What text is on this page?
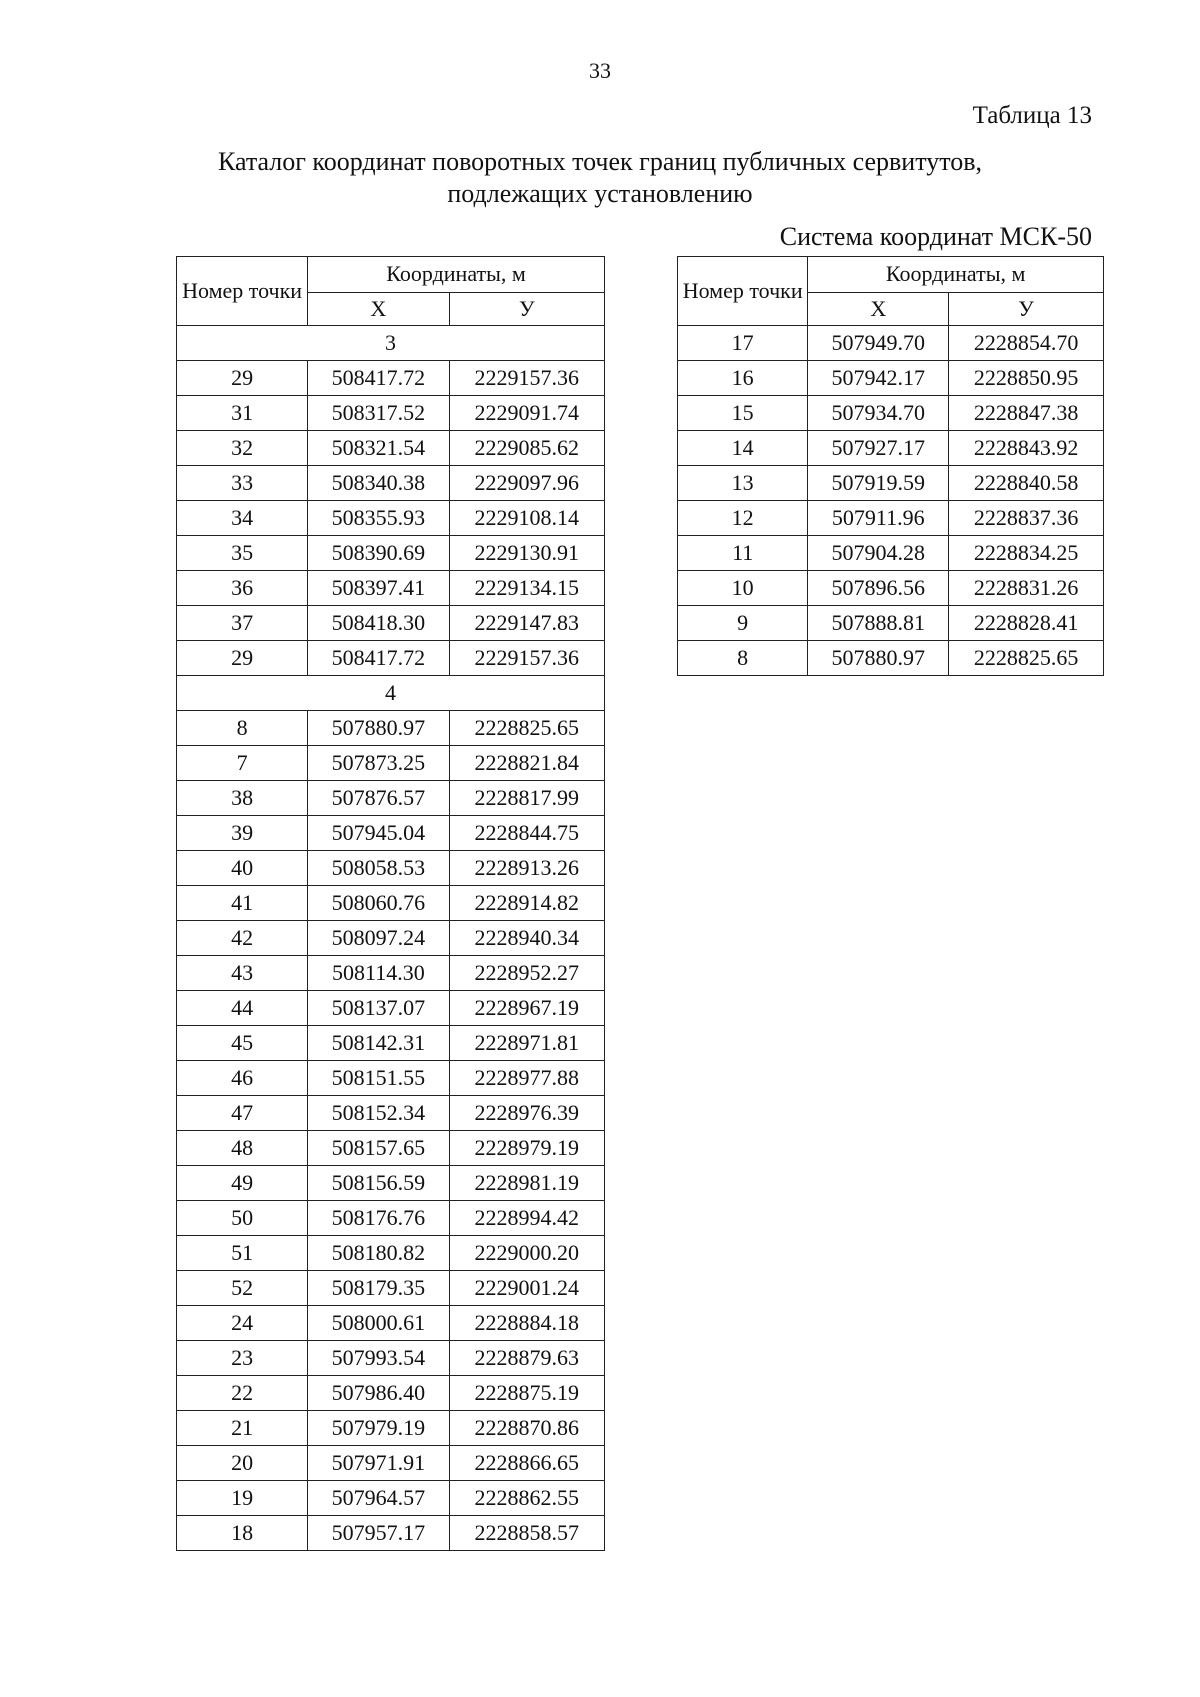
33
Таблица 13
Каталог координат поворотных точек границ публичных сервитутов,
подлежащих установлению
Система координат МСК-50
Номер точки	Координаты, м	
	X	У
3		
29	508417.72	2229157.36
31	508317.52	2229091.74
32	508321.54	2229085.62
33	508340.38	2229097.96
34	508355.93	2229108.14
35	508390.69	2229130.91
36	508397.41	2229134.15
37	508418.30	2229147.83
29	508417.72	2229157.36
4		
8	507880.97	2228825.65
7	507873.25	2228821.84
38	507876.57	2228817.99
39	507945.04	2228844.75
40	508058.53	2228913.26
41	508060.76	2228914.82
42	508097.24	2228940.34
43	508114.30	2228952.27
44	508137.07	2228967.19
45	508142.31	2228971.81
46	508151.55	2228977.88
47	508152.34	2228976.39
48	508157.65	2228979.19
49	508156.59	2228981.19
50	508176.76	2228994.42
51	508180.82	2229000.20
52	508179.35	2229001.24
24	508000.61	2228884.18
23	507993.54	2228879.63
22	507986.40	2228875.19
21	507979.19	2228870.86
20	507971.91	2228866.65
19	507964.57	2228862.55
18	507957.17	2228858.57
Номер точки	Координаты, м	
	X	У
17	507949.70	2228854.70
16	507942.17	2228850.95
15	507934.70	2228847.38
14	507927.17	2228843.92
13	507919.59	2228840.58
12	507911.96	2228837.36
11	507904.28	2228834.25
10	507896.56	2228831.26
9	507888.81	2228828.41
8	507880.97	2228825.65
